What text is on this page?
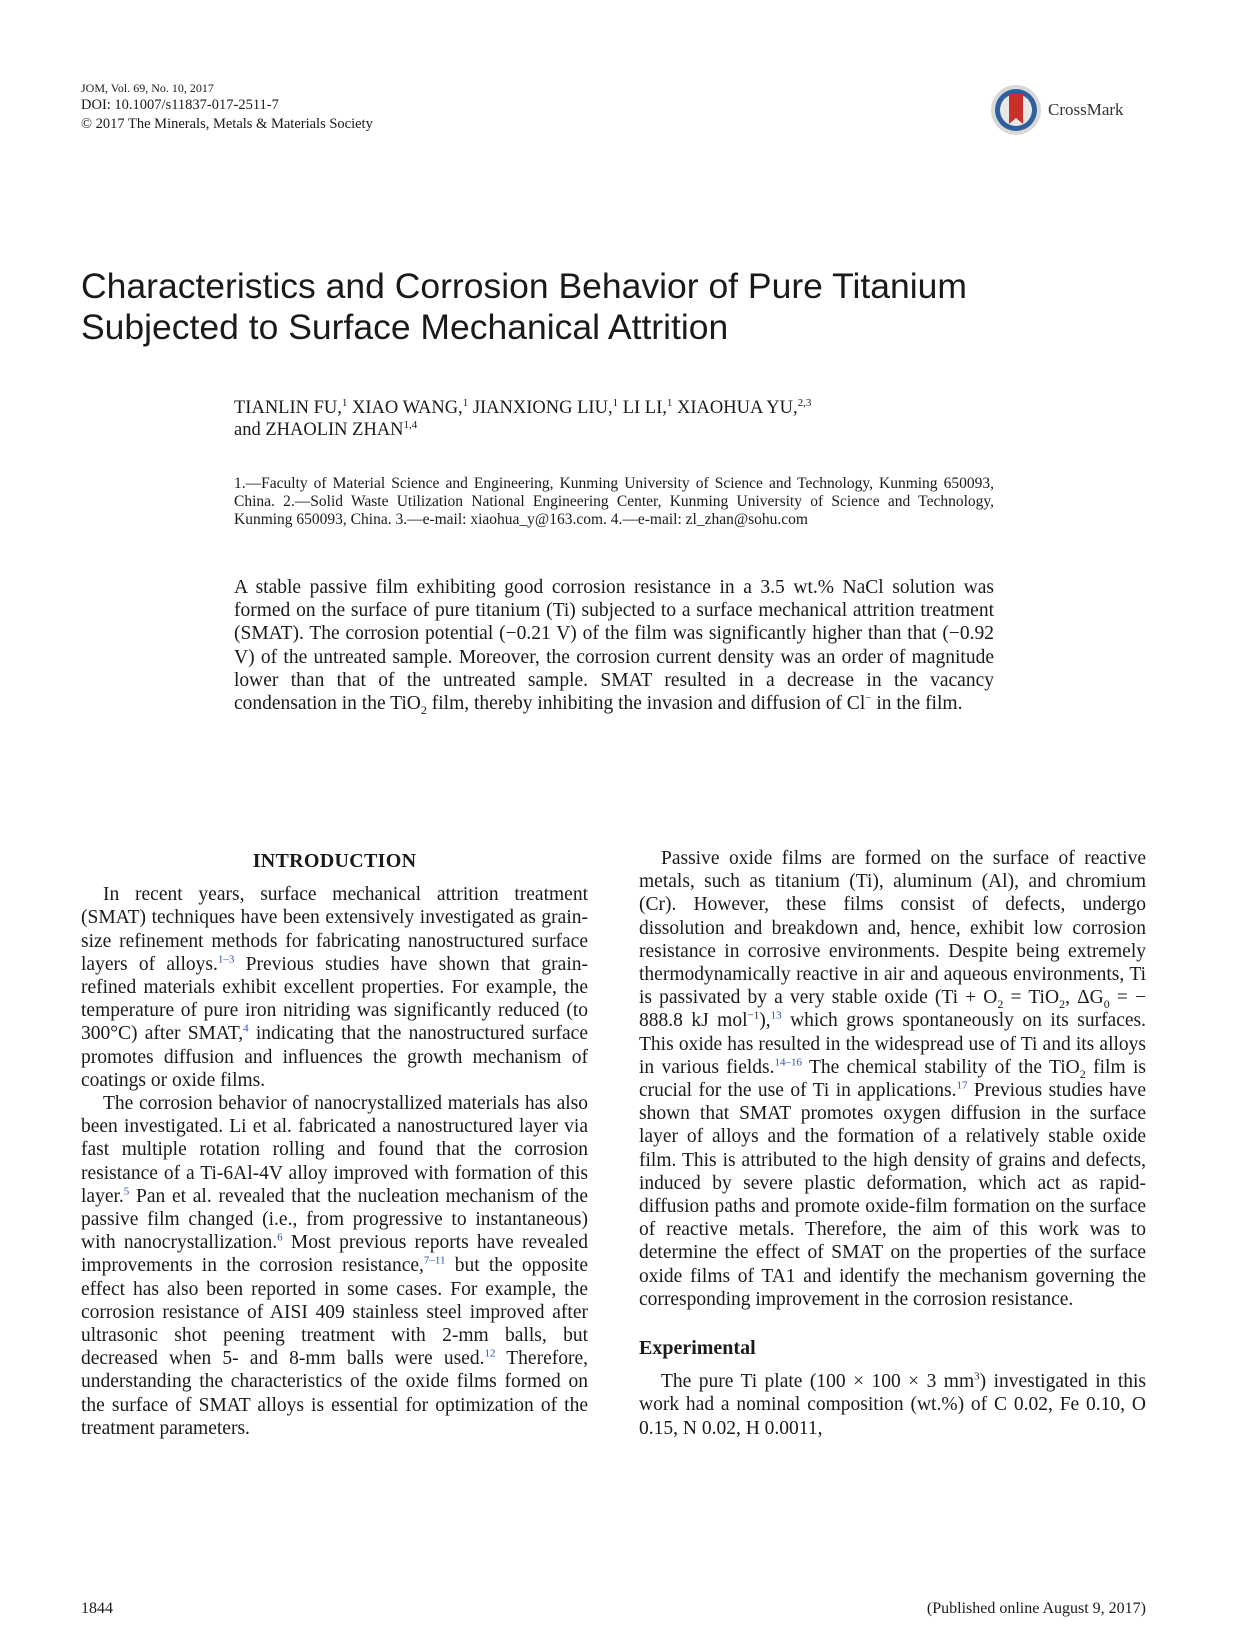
JOM, Vol. 69, No. 10, 2017
DOI: 10.1007/s11837-017-2511-7
© 2017 The Minerals, Metals & Materials Society
CrossMark
Characteristics and Corrosion Behavior of Pure Titanium Subjected to Surface Mechanical Attrition
TIANLIN FU,$^1$ XIAO WANG,$^1$ JIANXIONG LIU,$^1$ LI LI,$^1$ XIAOHUA YU,$^{2,3}$
and ZHAOLIN ZHAN$^{1,4}$
1.—Faculty of Material Science and Engineering, Kunming University of Science and Technology, Kunming 650093, China. 2.—Solid Waste Utilization National Engineering Center, Kunming University of Science and Technology, Kunming 650093, China. 3.—e-mail: xiaohua_y@163.com. 4.—e-mail: zl_zhan@sohu.com
A stable passive film exhibiting good corrosion resistance in a 3.5 wt.% NaCl solution was formed on the surface of pure titanium (Ti) subjected to a surface mechanical attrition treatment (SMAT). The corrosion potential (−0.21 V) of the film was significantly higher than that (−0.92 V) of the untreated sample. Moreover, the corrosion current density was an order of magnitude lower than that of the untreated sample. SMAT resulted in a decrease in the vacancy condensation in the TiO$_2$ film, thereby inhibiting the invasion and diffusion of Cl− in the film.
INTRODUCTION

In recent years, surface mechanical attrition treatment (SMAT) techniques have been extensively investigated as grain-size refinement methods for fabricating nanostructured surface layers of alloys.$^{1-3}$ Previous studies have shown that grain-refined materials exhibit excellent properties. For example, the temperature of pure iron nitriding was significantly reduced (to 300°C) after SMAT,$^4$ indicating that the nanostructured surface promotes diffusion and influences the growth mechanism of coatings or oxide films.

The corrosion behavior of nanocrystallized materials has also been investigated. Li et al. fabricated a nanostructured layer via fast multiple rotation rolling and found that the corrosion resistance of a Ti-6Al-4V alloy improved with formation of this layer.$^5$ Pan et al. revealed that the nucleation mechanism of the passive film changed (i.e., from progressive to instantaneous) with nanocrystallization.$^6$ Most previous reports have revealed improvements in the corrosion resistance,$^{7-11}$ but the opposite effect has also been reported in some cases. For example, the corrosion resistance of AISI 409 stainless steel improved after ultrasonic shot peening treatment with 2-mm balls, but decreased when 5- and 8-mm balls were used.$^{12}$ Therefore, understanding the characteristics of the oxide films formed on the surface of SMAT alloys is essential for optimization of the treatment parameters.

Passive oxide films are formed on the surface of reactive metals, such as titanium (Ti), aluminum (Al), and chromium (Cr). However, these films consist of defects, undergo dissolution and breakdown and, hence, exhibit low corrosion resistance in corrosive environments. Despite being extremely thermodynamically reactive in air and aqueous environments, Ti is passivated by a very stable oxide ($Ti + O_2 = TiO_2$, $\Delta G_0$ = − 888.8 kJ mol$^{-1}$),$^{13}$ which grows spontaneously on its surfaces. This oxide has resulted in the widespread use of Ti and its alloys in various fields.$^{14-16}$ The chemical stability of the TiO$_2$ film is crucial for the use of Ti in applications.$^{17}$ Previous studies have shown that SMAT promotes oxygen diffusion in the surface layer of alloys and the formation of a relatively stable oxide film. This is attributed to the high density of grains and defects, induced by severe plastic deformation, which act as rapid-diffusion paths and promote oxide-film formation on the surface of reactive metals. Therefore, the aim of this work was to determine the effect of SMAT on the properties of the surface oxide films of TA1 and identify the mechanism governing the corresponding improvement in the corrosion resistance.

Experimental

The pure Ti plate (100 × 100 × 3 $mm^3$) investigated in this work had a nominal composition (wt.%) of C 0.02, Fe 0.10, O 0.15, N 0.02, H 0.0011,

1844	(Published online August 9, 2017)
